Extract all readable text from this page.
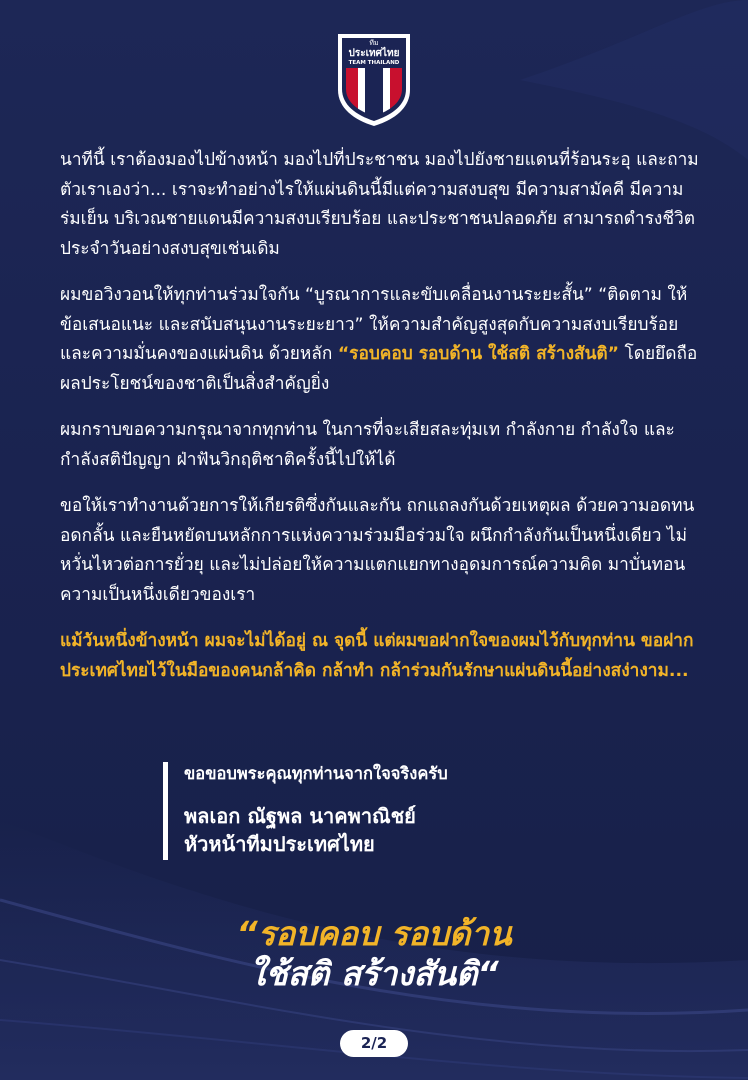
ทีม
ประเทศไทย
TEAM THAILAND

นาทีนี้ เราต้องมองไปข้างหน้า มองไปที่ประชาชน มองไปยังชายแดนที่ร้อนระอุ และถามตัวเราเองว่า... เราจะทำอย่างไรให้แผ่นดินนี้มีแต่ความสงบสุข มีความสามัคคี มีความร่มเย็น บริเวณชายแดนมีความสงบเรียบร้อย และประชาชนปลอดภัย สามารถดำรงชีวิตประจำวันอย่างสงบสุขเช่นเดิม

ผมขอวิงวอนให้ทุกท่านร่วมใจกัน “บูรณาการและขับเคลื่อนงานระยะสั้น” “ติดตาม ให้ข้อเสนอแนะ และสนับสนุนงานระยะยาว” ให้ความสำคัญสูงสุดกับความสงบเรียบร้อยและความมั่นคงของแผ่นดิน ด้วยหลัก “รอบคอบ รอบด้าน ใช้สติ สร้างสันติ” โดยยึดถือผลประโยชน์ของชาติเป็นสิ่งสำคัญยิ่ง

ผมกราบขอความกรุณาจากทุกท่าน ในการที่จะเสียสละทุ่มเท กำลังกาย กำลังใจ และกำลังสติปัญญา ฝ่าฟันวิกฤติชาติครั้งนี้ไปให้ได้

ขอให้เราทำงานด้วยการให้เกียรติซึ่งกันและกัน ถกแถลงกันด้วยเหตุผล ด้วยความอดทนอดกลั้น และยืนหยัดบนหลักการแห่งความร่วมมือร่วมใจ ผนึกกำลังกันเป็นหนึ่งเดียว ไม่หวั่นไหวต่อการยั่วยุ และไม่ปล่อยให้ความแตกแยกทางอุดมการณ์ความคิด มาบั่นทอนความเป็นหนึ่งเดียวของเรา

แม้วันหนึ่งข้างหน้า ผมจะไม่ได้อยู่ ณ จุดนี้ แต่ผมขอฝากใจของผมไว้กับทุกท่าน ขอฝากประเทศไทยไว้ในมือของคนกล้าคิด กล้าทำ กล้าร่วมกันรักษาแผ่นดินนี้อย่างสง่างาม...

ขอขอบพระคุณทุกท่านจากใจจริงครับ
พลเอก ณัฐพล นาคพาณิชย์
หัวหน้าทีมประเทศไทย
“รอบคอบ รอบด้าน
ใช้สติ สร้างสันติ“
2/2
